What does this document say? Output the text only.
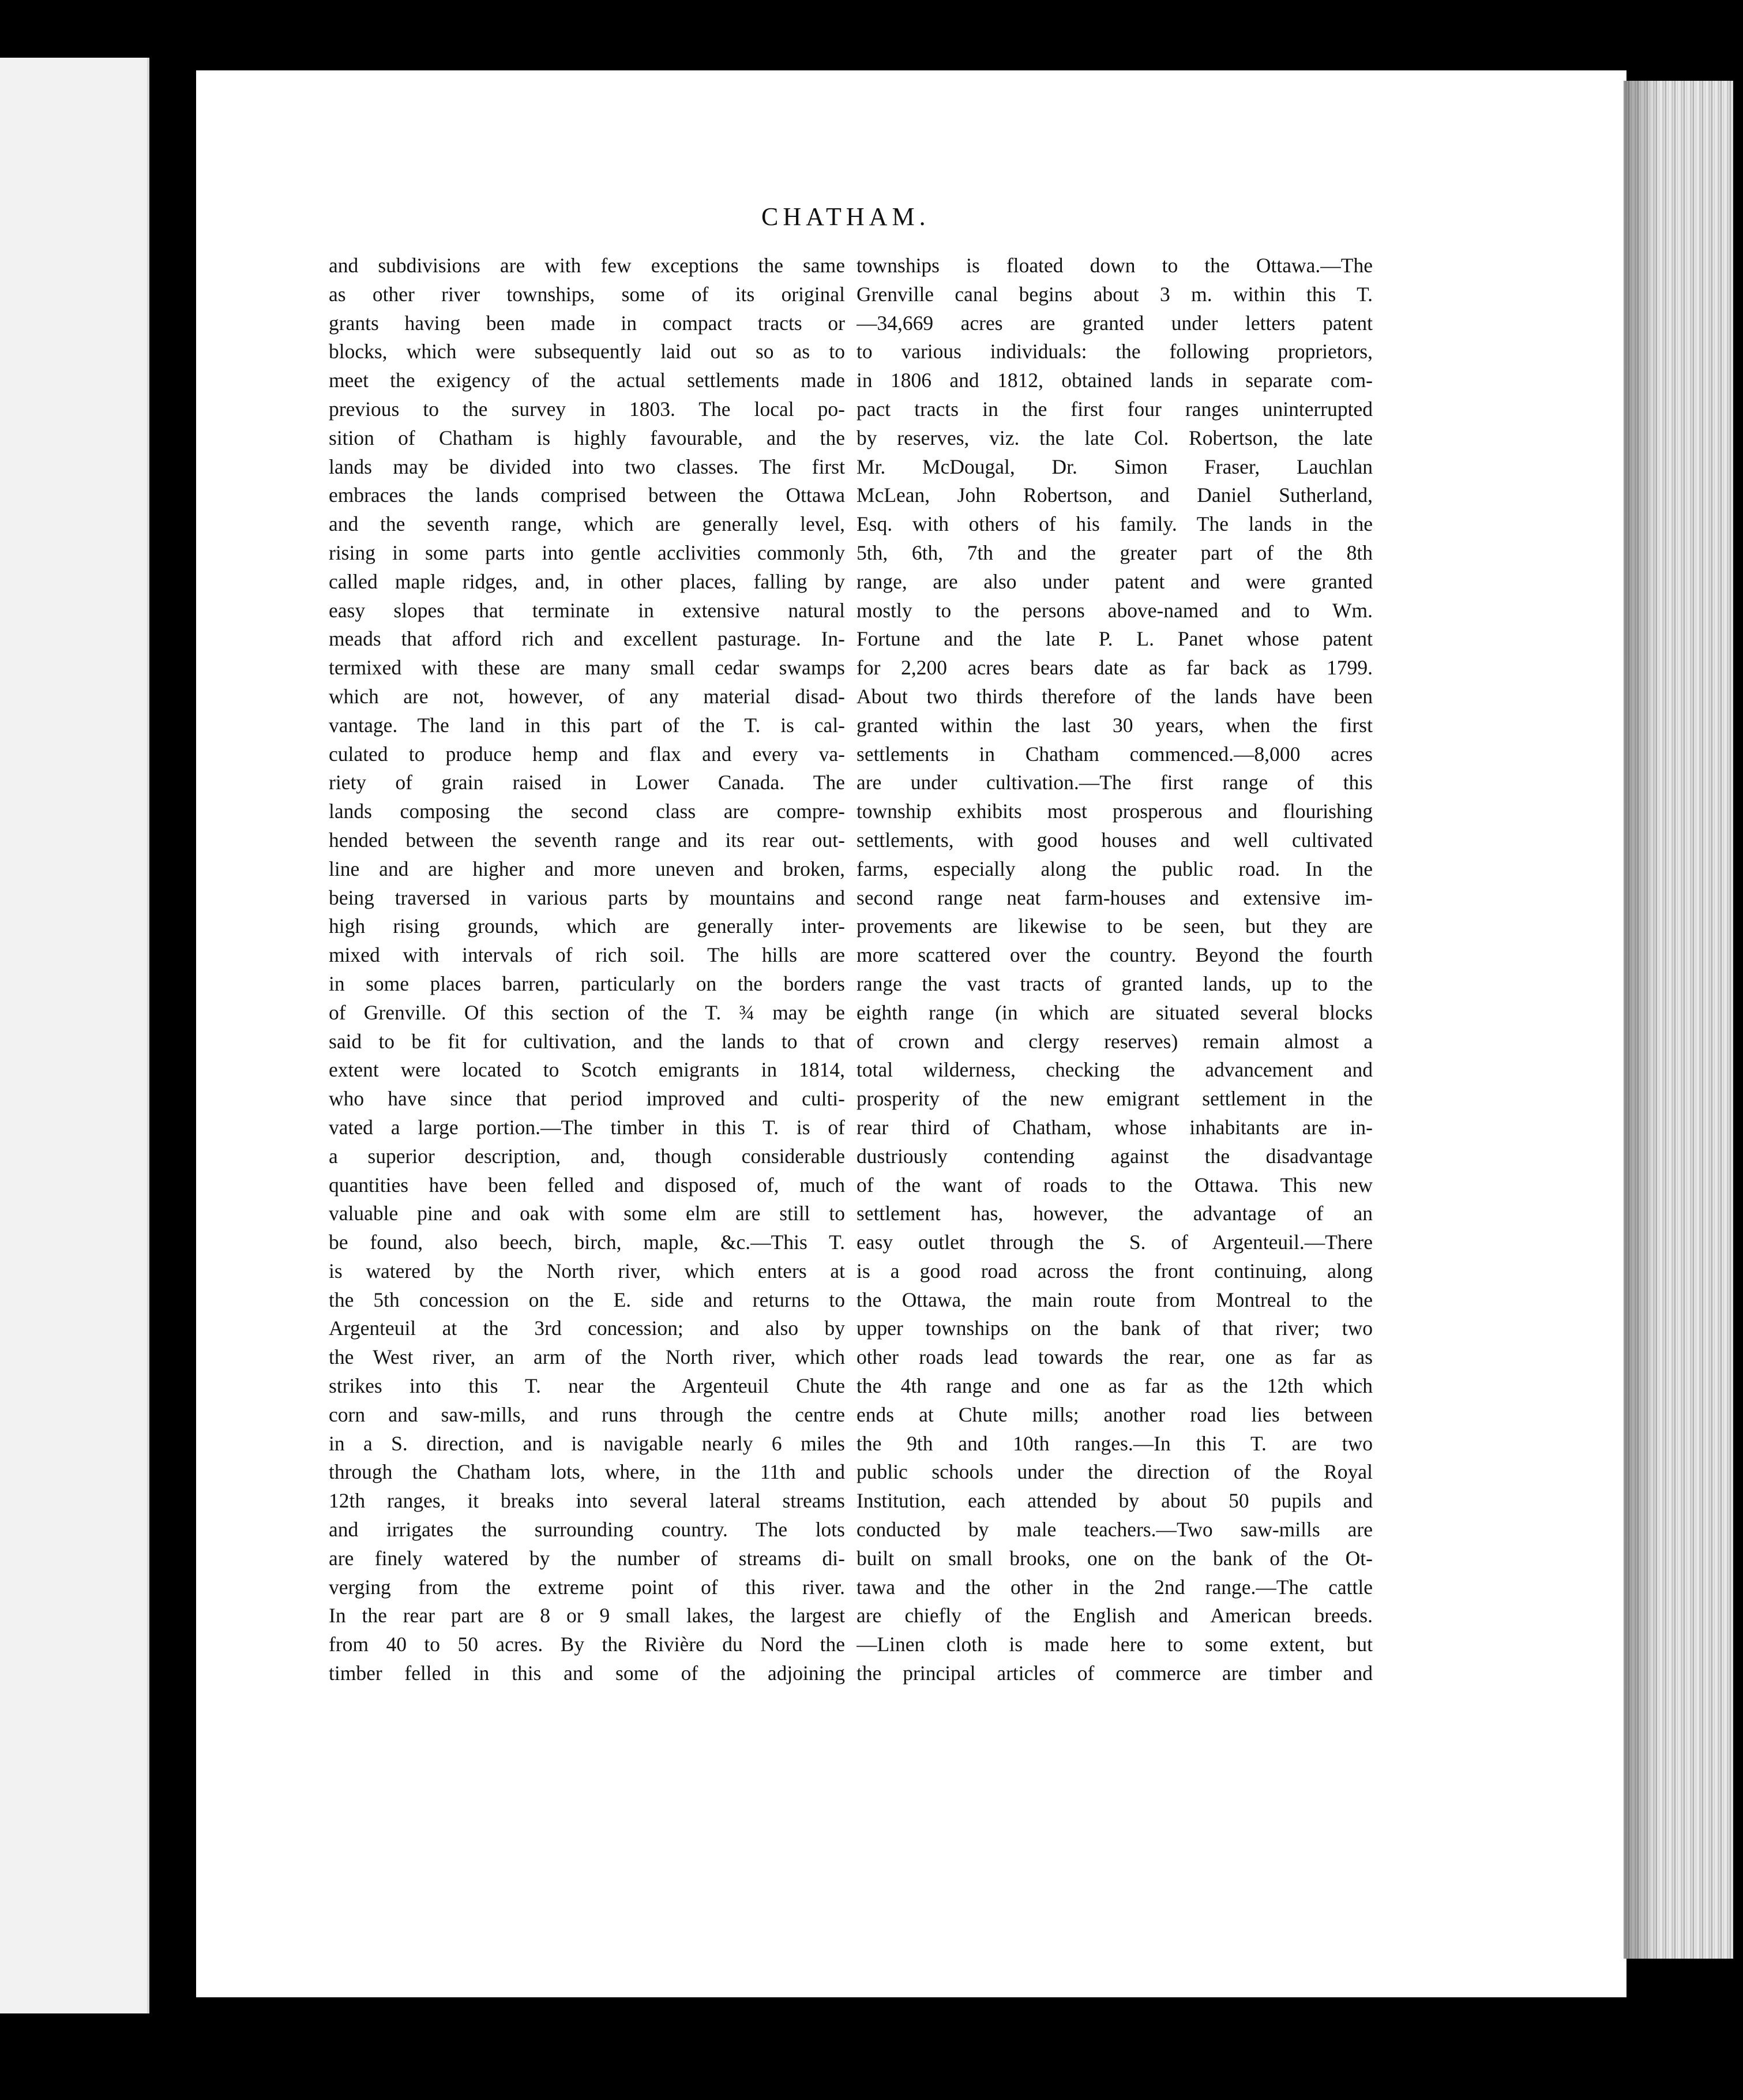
CHATHAM.
and subdivisions are with few exceptions the same
as other river townships, some of its original
grants having been made in compact tracts or
blocks, which were subsequently laid out so as to
meet the exigency of the actual settlements made
previous to the survey in 1803. The local po-
sition of Chatham is highly favourable, and the
lands may be divided into two classes. The first
embraces the lands comprised between the Ottawa
and the seventh range, which are generally level,
rising in some parts into gentle acclivities commonly
called maple ridges, and, in other places, falling by
easy slopes that terminate in extensive natural
meads that afford rich and excellent pasturage. In-
termixed with these are many small cedar swamps
which are not, however, of any material disad-
vantage. The land in this part of the T. is cal-
culated to produce hemp and flax and every va-
riety of grain raised in Lower Canada. The
lands composing the second class are compre-
hended between the seventh range and its rear out-
line and are higher and more uneven and broken,
being traversed in various parts by mountains and
high rising grounds, which are generally inter-
mixed with intervals of rich soil. The hills are
in some places barren, particularly on the borders
of Grenville. Of this section of the T. ¾ may be
said to be fit for cultivation, and the lands to that
extent were located to Scotch emigrants in 1814,
who have since that period improved and culti-
vated a large portion.—The timber in this T. is of
a superior description, and, though considerable
quantities have been felled and disposed of, much
valuable pine and oak with some elm are still to
be found, also beech, birch, maple, &c.—This T.
is watered by the North river, which enters at
the 5th concession on the E. side and returns to
Argenteuil at the 3rd concession; and also by
the West river, an arm of the North river, which
strikes into this T. near the Argenteuil Chute
corn and saw-mills, and runs through the centre
in a S. direction, and is navigable nearly 6 miles
through the Chatham lots, where, in the 11th and
12th ranges, it breaks into several lateral streams
and irrigates the surrounding country. The lots
are finely watered by the number of streams di-
verging from the extreme point of this river.
In the rear part are 8 or 9 small lakes, the largest
from 40 to 50 acres. By the Rivière du Nord the
timber felled in this and some of the adjoining
townships is floated down to the Ottawa.—The
Grenville canal begins about 3 m. within this T.
—34,669 acres are granted under letters patent
to various individuals: the following proprietors,
in 1806 and 1812, obtained lands in separate com-
pact tracts in the first four ranges uninterrupted
by reserves, viz. the late Col. Robertson, the late
Mr. McDougal, Dr. Simon Fraser, Lauchlan
McLean, John Robertson, and Daniel Sutherland,
Esq. with others of his family. The lands in the
5th, 6th, 7th and the greater part of the 8th
range, are also under patent and were granted
mostly to the persons above-named and to Wm.
Fortune and the late P. L. Panet whose patent
for 2,200 acres bears date as far back as 1799.
About two thirds therefore of the lands have been
granted within the last 30 years, when the first
settlements in Chatham commenced.—8,000 acres
are under cultivation.—The first range of this
township exhibits most prosperous and flourishing
settlements, with good houses and well cultivated
farms, especially along the public road. In the
second range neat farm-houses and extensive im-
provements are likewise to be seen, but they are
more scattered over the country. Beyond the fourth
range the vast tracts of granted lands, up to the
eighth range (in which are situated several blocks
of crown and clergy reserves) remain almost a
total wilderness, checking the advancement and
prosperity of the new emigrant settlement in the
rear third of Chatham, whose inhabitants are in-
dustriously contending against the disadvantage
of the want of roads to the Ottawa. This new
settlement has, however, the advantage of an
easy outlet through the S. of Argenteuil.—There
is a good road across the front continuing, along
the Ottawa, the main route from Montreal to the
upper townships on the bank of that river; two
other roads lead towards the rear, one as far as
the 4th range and one as far as the 12th which
ends at Chute mills; another road lies between
the 9th and 10th ranges.—In this T. are two
public schools under the direction of the Royal
Institution, each attended by about 50 pupils and
conducted by male teachers.—Two saw-mills are
built on small brooks, one on the bank of the Ot-
tawa and the other in the 2nd range.—The cattle
are chiefly of the English and American breeds.
—Linen cloth is made here to some extent, but
the principal articles of commerce are timber and
